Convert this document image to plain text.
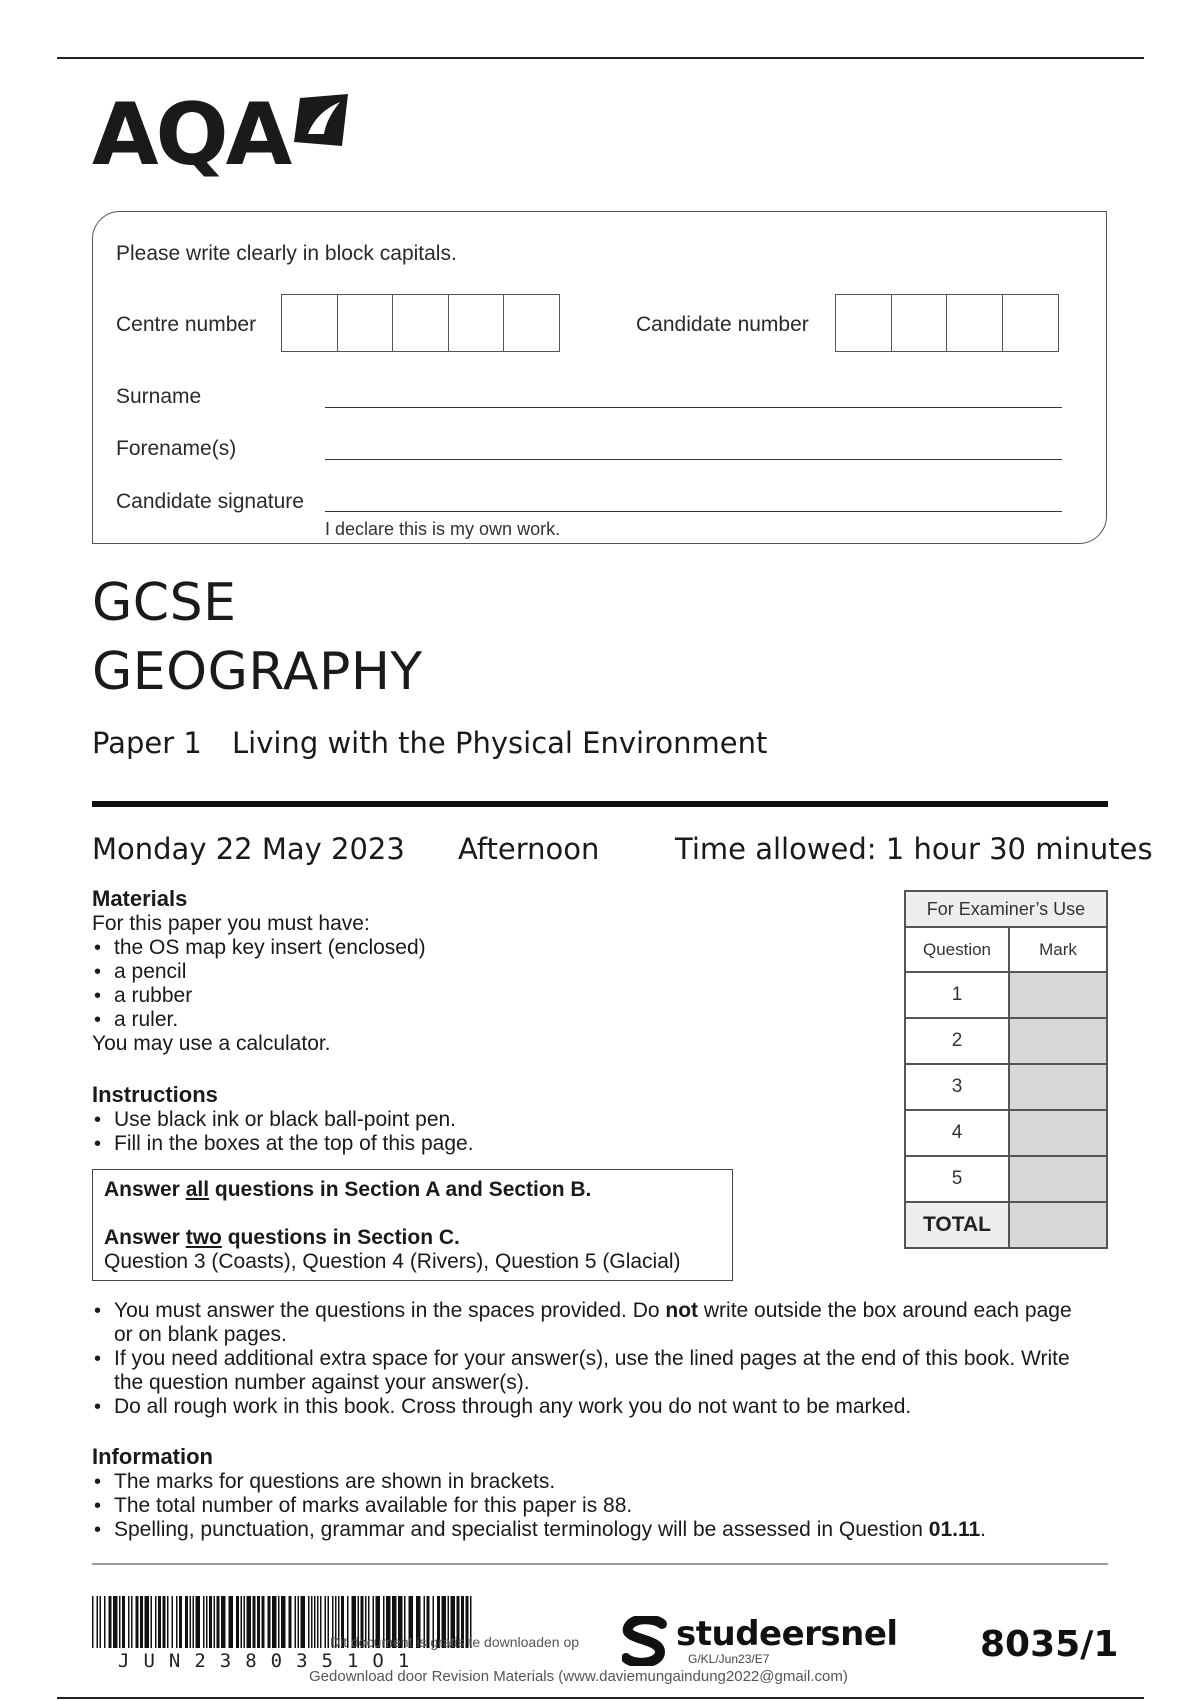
AQA
Please write clearly in block capitals.
Centre number	Candidate number
Surname
Forename(s)
Candidate signature
I declare this is my own work.
GCSE
GEOGRAPHY
Paper 1 Living with the Physical Environment
Monday 22 May 2023 Afternoon	Time allowed: 1 hour 30 minutes
Materials
For this paper you must have:
• the OS map key insert (enclosed)
• a pencil
• a rubber
• a ruler.
You may use a calculator.
Instructions
• Use black ink or black ball-point pen.
• Fill in the boxes at the top of this page.
Answer all questions in Section A and Section B.
Answer two questions in Section C.
Question 3 (Coasts), Question 4 (Rivers), Question 5 (Glacial)
• You must answer the questions in the spaces provided. Do not write outside the box around each page or on blank pages.
• If you need additional extra space for your answer(s), use the lined pages at the end of this book. Write the question number against your answer(s).
• Do all rough work in this book. Cross through any work you do not want to be marked.
Information
• The marks for questions are shown in brackets.
• The total number of marks available for this paper is 88.
• Spelling, punctuation, grammar and specialist terminology will be assessed in Question 01.11.
For Examiner’s Use	
Question	Mark
1	
2	
3	
4	
5	
TOTAL	
JUN2380351O1
Dit document is gratis te downloaden op	studeersnel
G/KL/Jun23/E7	8035/1
Gedownload door Revision Materials (www.daviemungaindung2022@gmail.com)
